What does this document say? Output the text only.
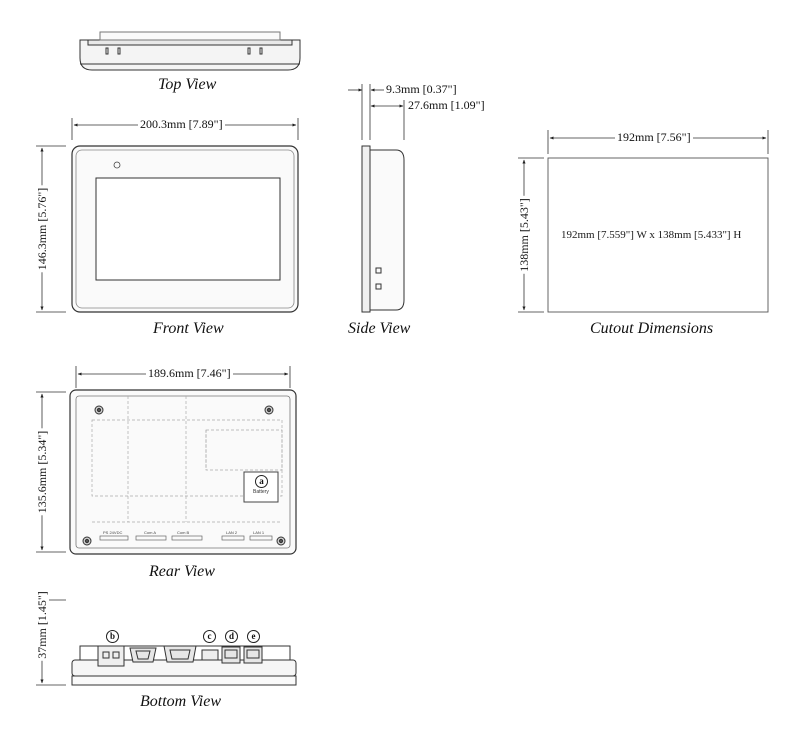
Top View
Front View	Side View	Cutout Dimensions
Rear View
Bottom View
200.3mm [7.89"]
146.3mm [5.76"]
9.3mm [0.37"]
27.6mm [1.09"]
192mm [7.56"]
138mm [5.43"]	192mm [7.559"] W x 138mm [5.433"] H
189.6mm [7.46"]
135.6mm [5.34"]
37mm [1.45"]
PS 24VDC	Com A	Com B	LAN 2	LAN 1
Battery
a
b	c	d	e
